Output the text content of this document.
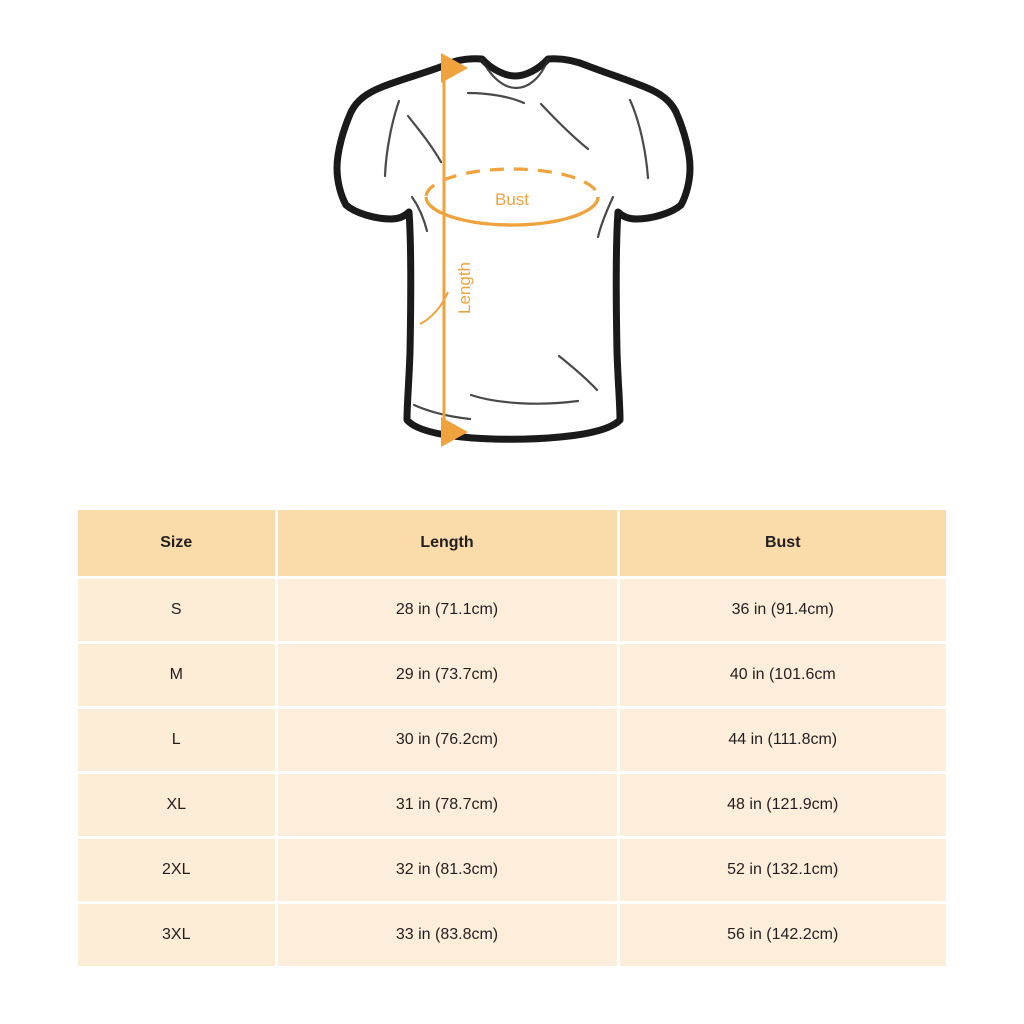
Bust
Length
Size	Length	Bust
S	28 in (71.1cm)	36 in (91.4cm)
M	29 in (73.7cm)	40 in (101.6cm
L	30 in (76.2cm)	44 in (111.8cm)
XL	31 in (78.7cm)	48 in (121.9cm)
2XL	32 in (81.3cm)	52 in (132.1cm)
3XL	33 in (83.8cm)	56 in (142.2cm)
